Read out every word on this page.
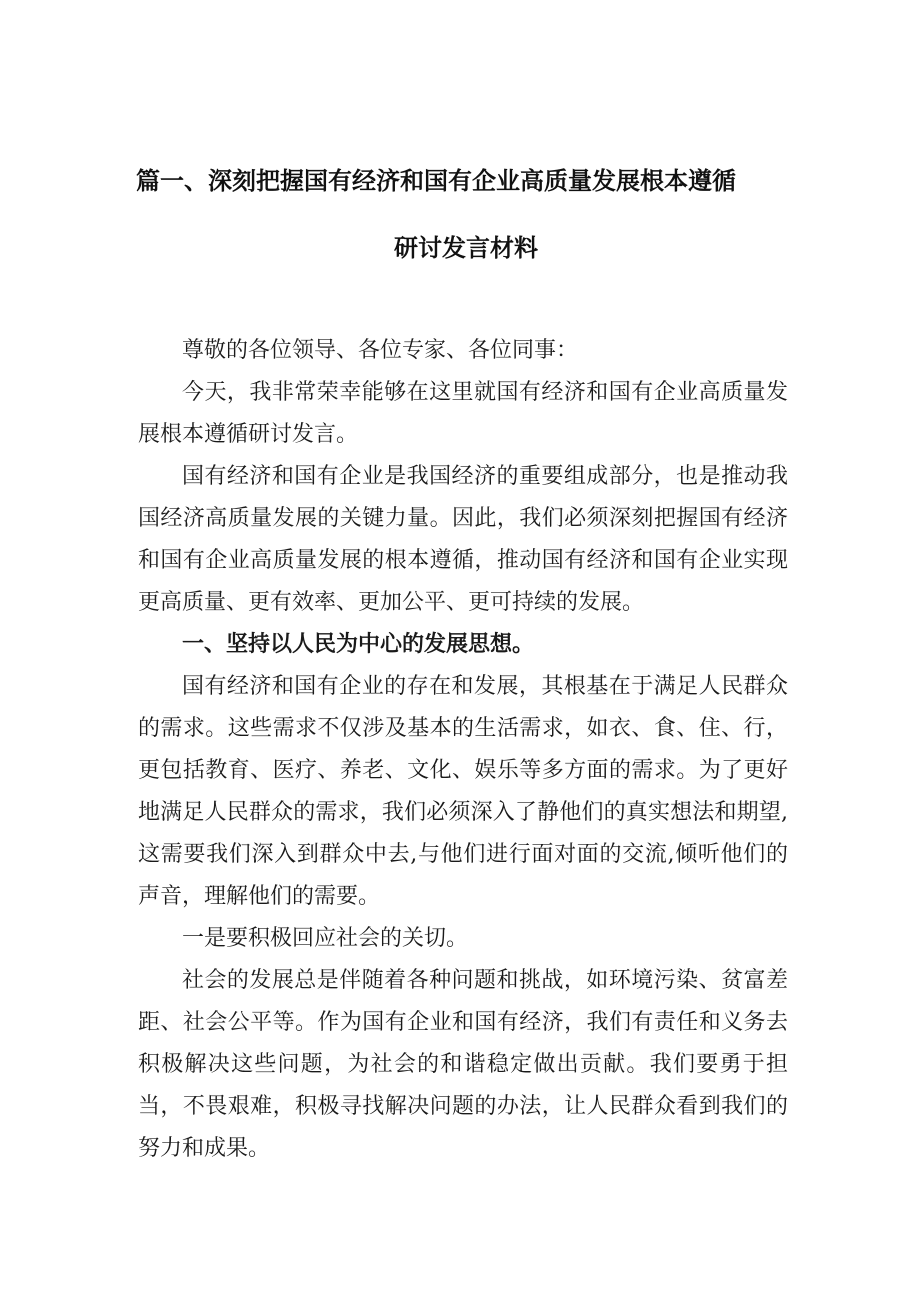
篇一、深刻把握国有经济和国有企业高质量发展根本遵循
研讨发言材料

尊敬的各位领导、各位专家、各位同事：

今天，我非常荣幸能够在这里就国有经济和国有企业高质量发展根本遵循研讨发言。

国有经济和国有企业是我国经济的重要组成部分，也是推动我国经济高质量发展的关键力量。因此，我们必须深刻把握国有经济和国有企业高质量发展的根本遵循，推动国有经济和国有企业实现更高质量、更有效率、更加公平、更可持续的发展。

一、坚持以人民为中心的发展思想。

国有经济和国有企业的存在和发展，其根基在于满足人民群众的需求。这些需求不仅涉及基本的生活需求，如衣、食、住、行，更包括教育、医疗、养老、文化、娱乐等多方面的需求。为了更好地满足人民群众的需求，我们必须深入了静他们的真实想法和期望,这需要我们深入到群众中去,与他们进行面对面的交流,倾听他们的声音，理解他们的需要。

一是要积极回应社会的关切。

社会的发展总是伴随着各种问题和挑战，如环境污染、贫富差距、社会公平等。作为国有企业和国有经济，我们有责任和义务去积极解决这些问题，为社会的和谐稳定做出贡献。我们要勇于担当，不畏艰难，积极寻找解决问题的办法，让人民群众看到我们的努力和成果。
